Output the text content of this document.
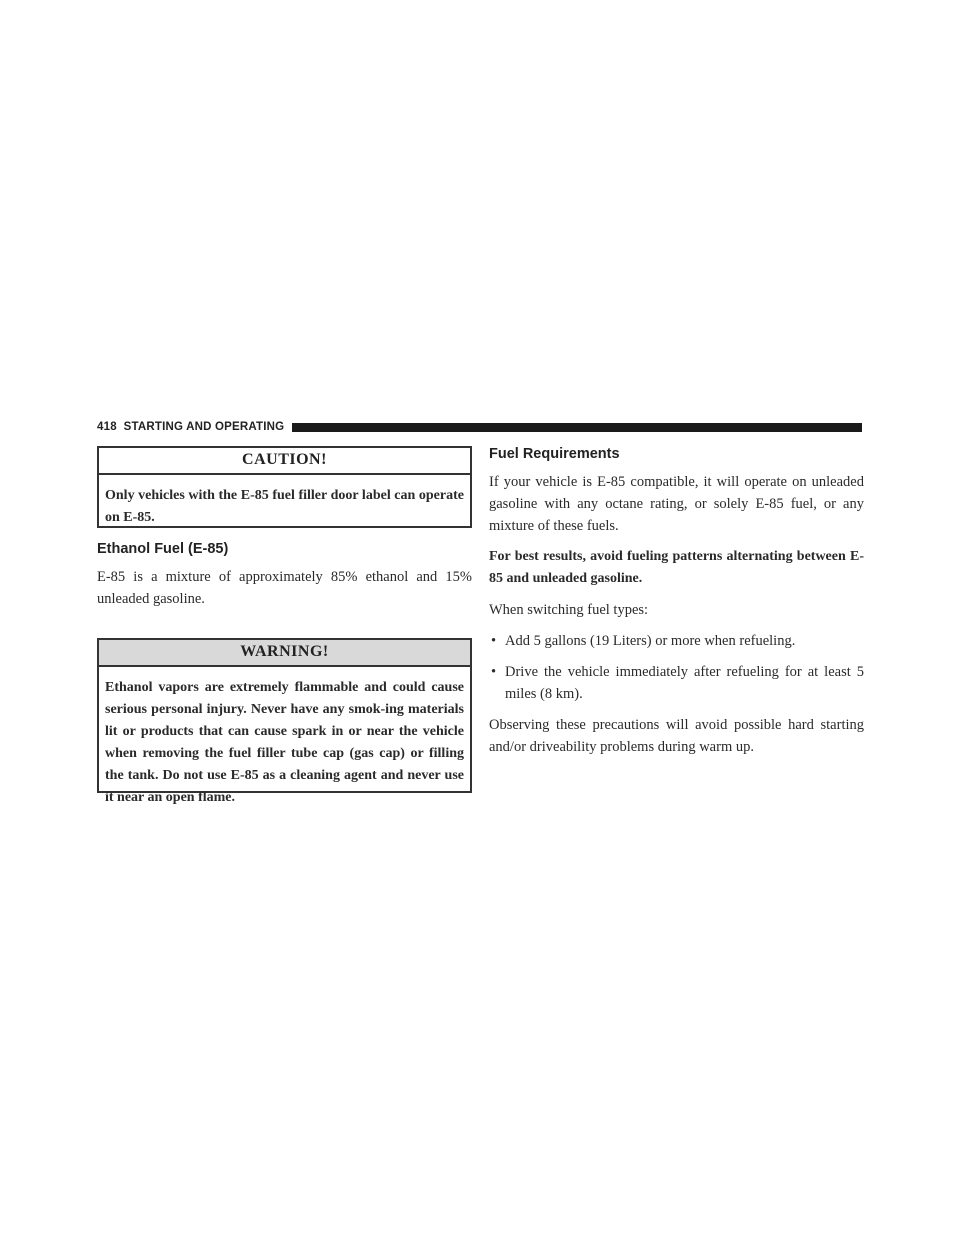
418 STARTING AND OPERATING
CAUTION!
Only vehicles with the E-85 fuel filler door label can operate on E-85.
Ethanol Fuel (E-85)

E-85 is a mixture of approximately 85% ethanol and 15% unleaded gasoline.

WARNING!
Ethanol vapors are extremely flammable and could cause serious personal injury. Never have any smok-ing materials lit or products that can cause spark in or near the vehicle when removing the fuel filler tube cap (gas cap) or filling the tank. Do not use E-85 as a cleaning agent and never use it near an open flame.
Fuel Requirements

If your vehicle is E-85 compatible, it will operate on unleaded gasoline with any octane rating, or solely E-85 fuel, or any mixture of these fuels.

For best results, avoid fueling patterns alternating between E-85 and unleaded gasoline.

When switching fuel types:

• Add 5 gallons (19 Liters) or more when refueling.
• Drive the vehicle immediately after refueling for at least 5 miles (8 km).

Observing these precautions will avoid possible hard starting and/or driveability problems during warm up.
